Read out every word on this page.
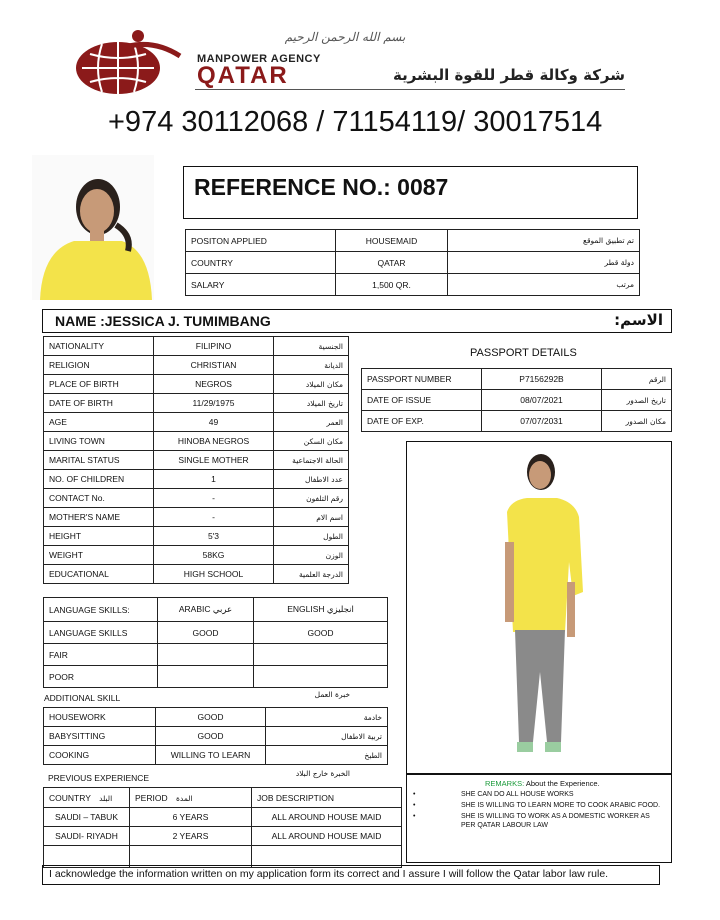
بسم الله الرحمن الرحيم
MANPOWER AGENCY
QATAR	شركة وكالة قطر للقوة البشرية
+974 30112068 / 71154119/ 30017514
REFERENCE NO.: 0087
POSITON APPLIED	HOUSEMAID	تم تطبيق الموقع
COUNTRY	QATAR	دولة قطر
SALARY	1,500 QR.	مرتب
NAME :JESSICA J. TUMIMBANG	الاسم:
NATIONALITY	FILIPINO	الجنسية
RELIGION	CHRISTIAN	الديانة
PLACE OF BIRTH	NEGROS	مكان الميلاد
DATE OF BIRTH	11/29/1975	تاريخ الميلاد
AGE	49	العمر
LIVING TOWN	HINOBA NEGROS	مكان السكن
MARITAL STATUS	SINGLE MOTHER	الحالة الاجتماعية
NO. OF CHILDREN	1	عدد الاطفال
CONTACT No.	-	رقم التلفون
MOTHER'S NAME	-	اسم الام
HEIGHT	5'3	الطول
WEIGHT	58KG	الوزن
EDUCATIONAL	HIGH SCHOOL	الدرجة العلمية
PASSPORT DETAILS
PASSPORT NUMBER	P7156292B	الرقم
DATE OF ISSUE	08/07/2021	تاريخ الصدور
DATE OF EXP.	07/07/2031	مكان الصدور
LANGUAGE SKILLS:	ARABIC عربي	ENGLISH انجليزي
LANGUAGE SKILLS	GOOD	GOOD
FAIR		
POOR		
ADDITIONAL SKILL	خبرة العمل
HOUSEWORK	GOOD	خادمة
BABYSITTING	GOOD	تربية الاطفال
COOKING	WILLING TO LEARN	الطبخ
PREVIOUS EXPERIENCE	الخبرة خارج البلاد
COUNTRY البلد	PERIOD المدة	JOB DESCRIPTION
SAUDI – TABUK	6 YEARS	ALL AROUND HOUSE MAID
SAUDI- RIYADH	2 YEARS	ALL AROUND HOUSE MAID

REMARKS: About the Experience.
•	SHE CAN DO ALL HOUSE WORKS
•	SHE IS WILLING TO LEARN MORE TO COOK ARABIC FOOD.
•	SHE IS WILLING TO WORK AS A DOMESTIC WORKER AS PER QATAR LABOUR LAW
I acknowledge the information written on my application form its correct and I assure I will follow the Qatar labor law rule.
